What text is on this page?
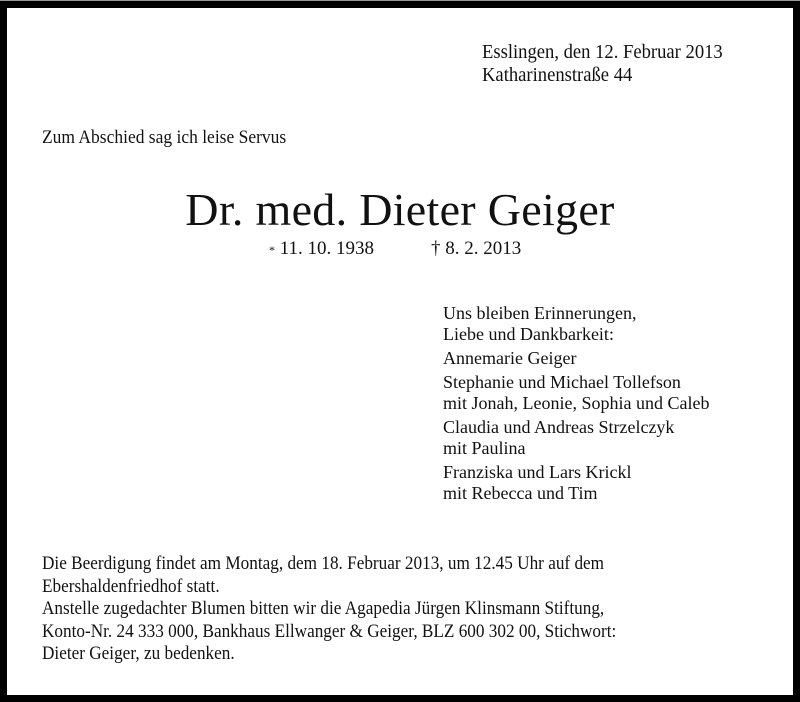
Esslingen, den 12. Februar 2013
Katharinenstraße 44
Zum Abschied sag ich leise Servus
Dr. med. Dieter Geiger
* 11. 10. 1938	† 8. 2. 2013
Uns bleiben Erinnerungen,
Liebe und Dankbarkeit:
Annemarie Geiger
Stephanie und Michael Tollefson
mit Jonah, Leonie, Sophia und Caleb
Claudia und Andreas Strzelczyk
mit Paulina
Franziska und Lars Krickl
mit Rebecca und Tim
Die Beerdigung findet am Montag, dem 18. Februar 2013, um 12.45 Uhr auf dem
Ebershaldenfriedhof statt.
Anstelle zugedachter Blumen bitten wir die Agapedia Jürgen Klinsmann Stiftung,
Konto-Nr. 24 333 000, Bankhaus Ellwanger & Geiger, BLZ 600 302 00, Stichwort:
Dieter Geiger, zu bedenken.
